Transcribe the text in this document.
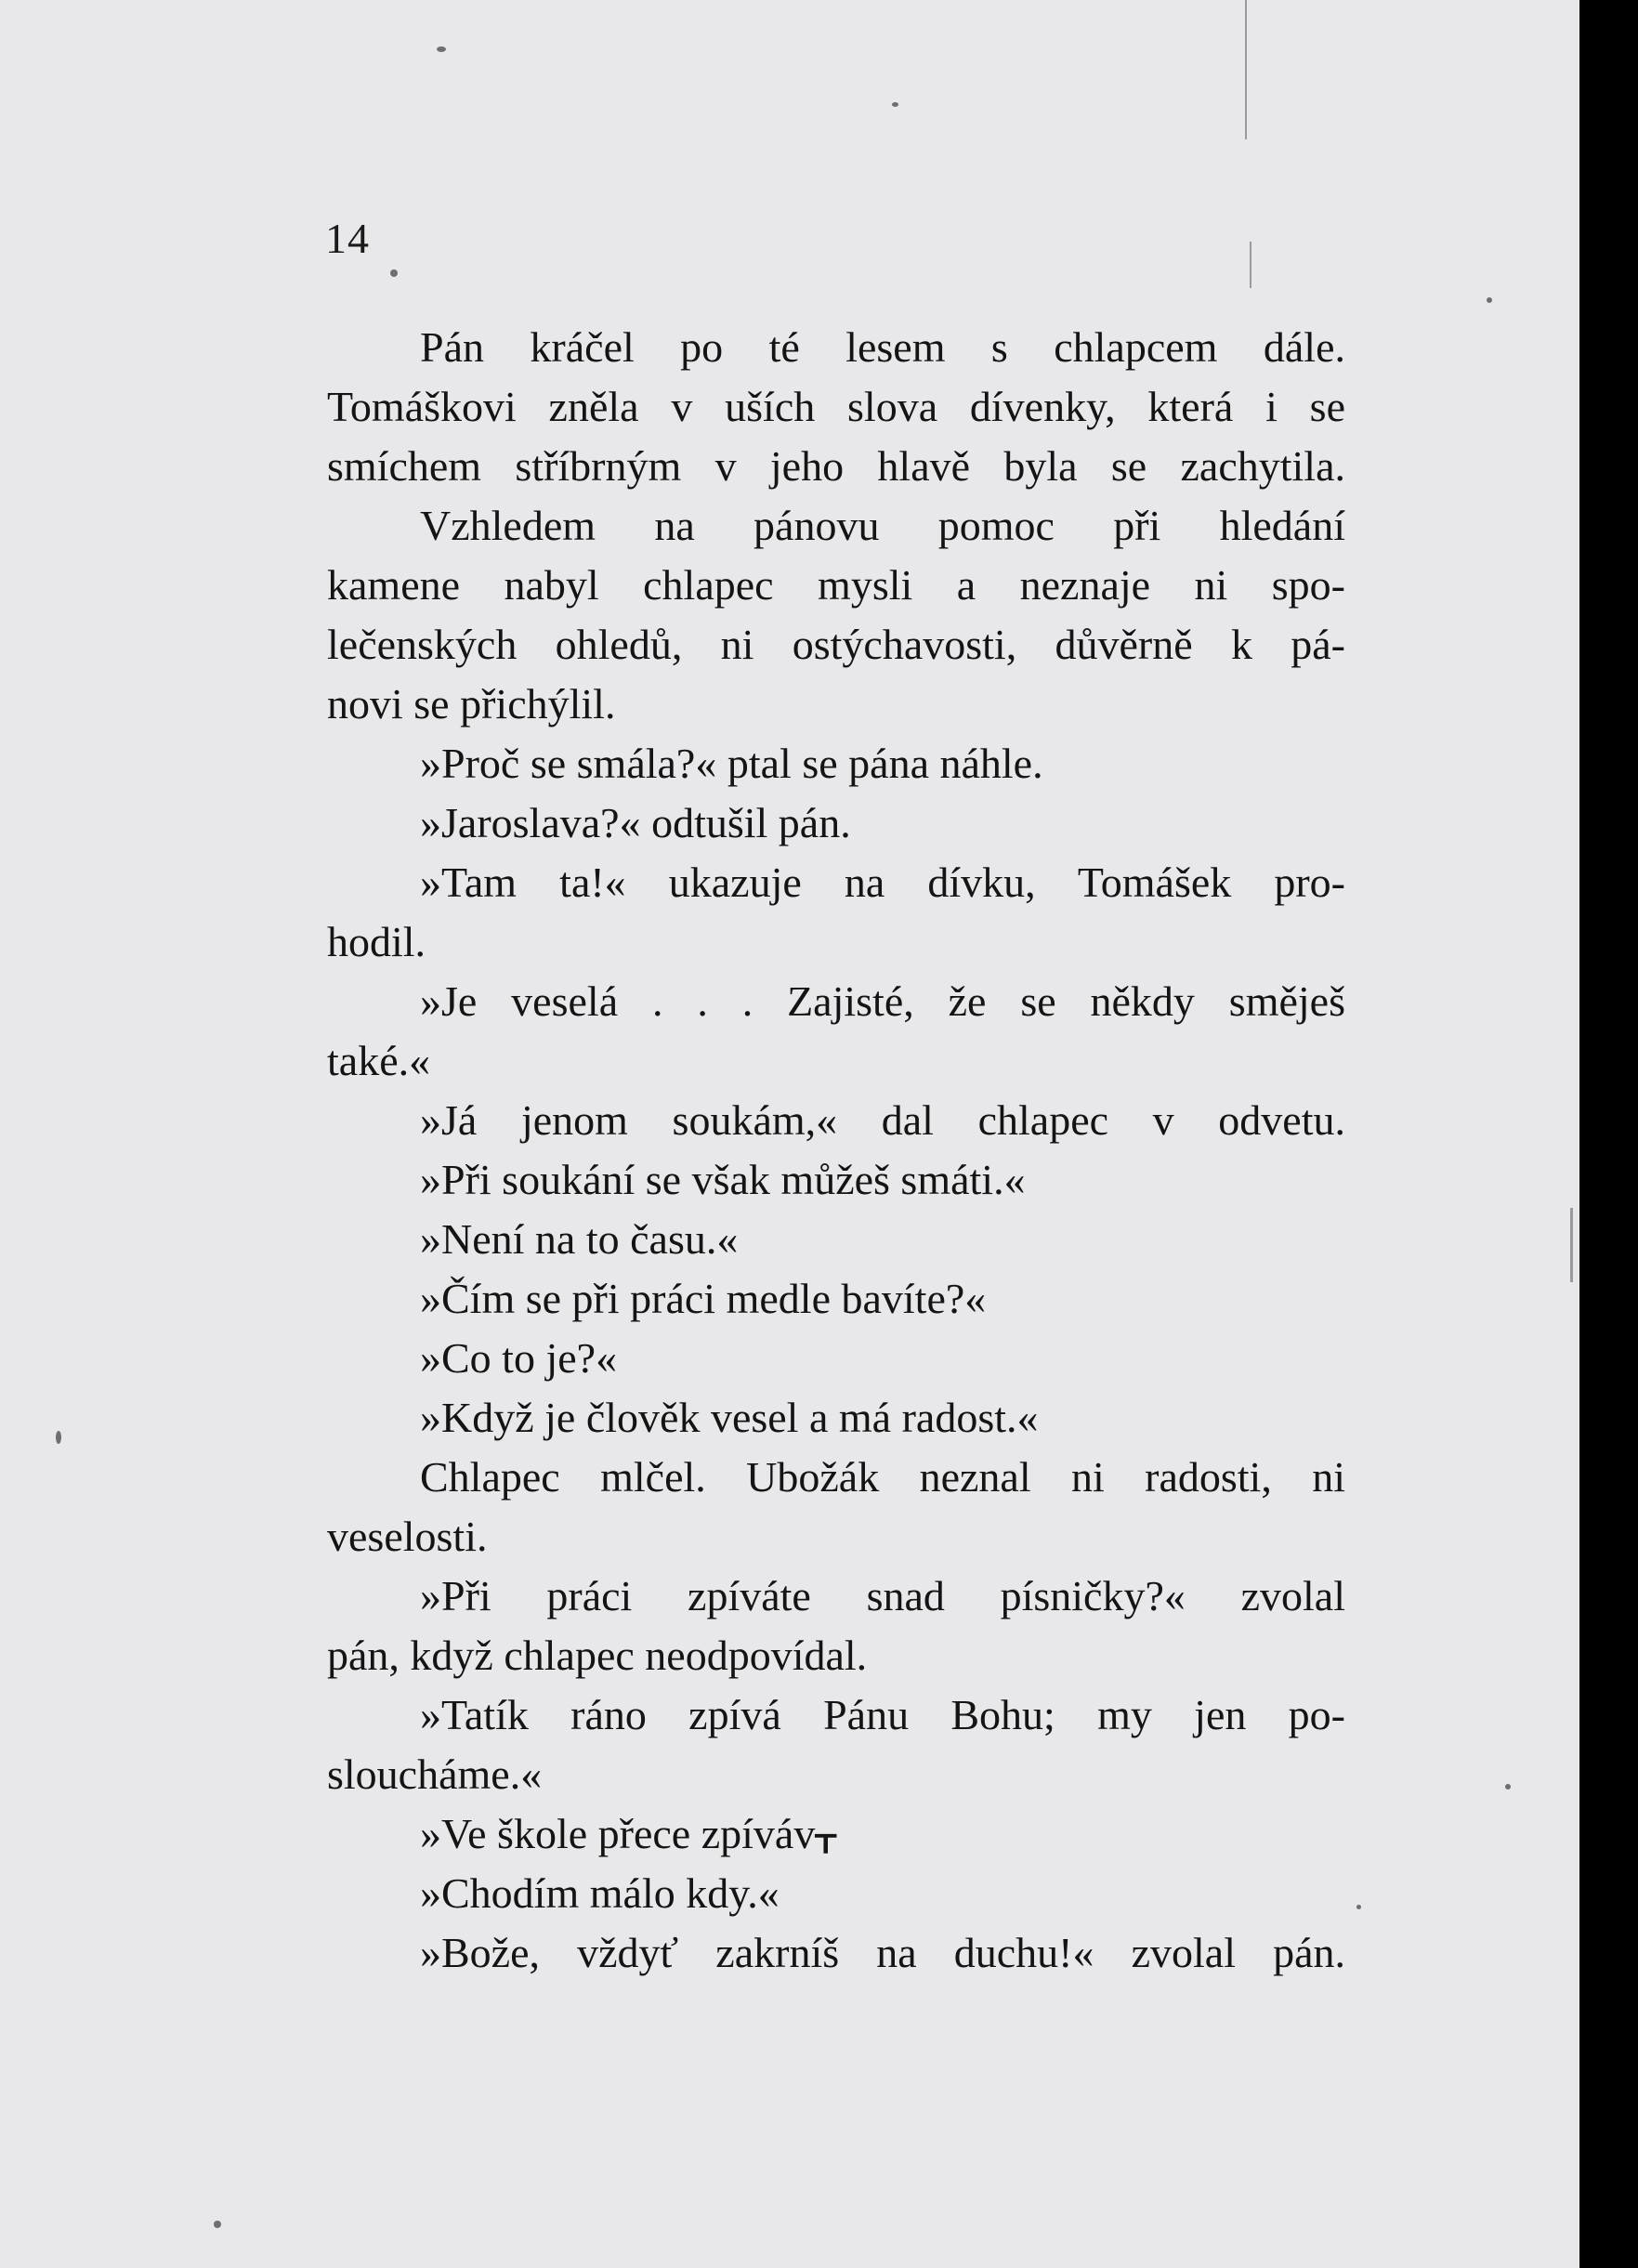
14
Pán kráčel po té lesem s chlapcem dále.
Tomáškovi zněla v uších slova dívenky, která i se
smíchem stříbrným v jeho hlavě byla se zachytila.
Vzhledem na pánovu pomoc při hledání
kamene nabyl chlapec mysli a neznaje ni spo-
lečenských ohledů, ni ostýchavosti, důvěrně k pá-
novi se přichýlil.
»Proč se smála?« ptal se pána náhle.
»Jaroslava?« odtušil pán.
»Tam ta!« ukazuje na dívku, Tomášek pro-
hodil.
»Je veselá . . . Zajisté, že se někdy směješ
také.«
»Já jenom soukám,« dal chlapec v odvetu.
»Při soukání se však můžeš smáti.«
»Není na to času.«
»Čím se při práci medle bavíte?«
»Co to je?«
»Když je člověk vesel a má radost.«
Chlapec mlčel. Ubožák neznal ni radosti, ni
veselosti.
»Při práci zpíváte snad písničky?« zvolal
pán, když chlapec neodpovídal.
»Tatík ráno zpívá Pánu Bohu; my jen po-
sloucháme.«
»Ve škole přece zpívávᚁ
»Chodím málo kdy.«
»Bože, vždyť zakrníš na duchu!« zvolal pán.
